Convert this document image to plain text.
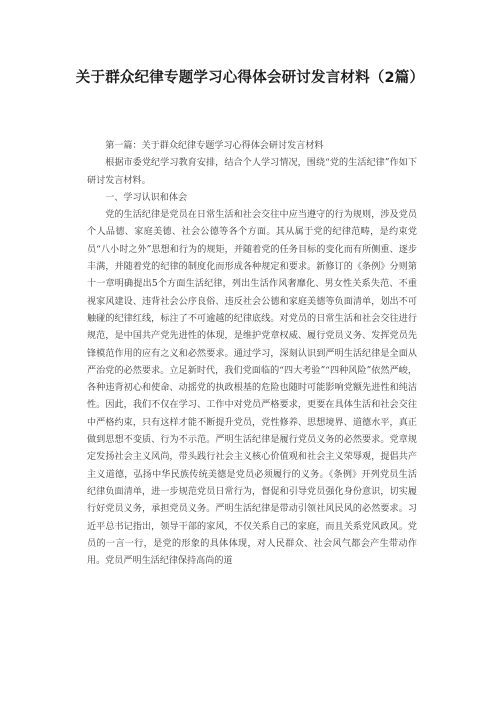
关于群众纪律专题学习心得体会研讨发言材料（2篇）

第一篇：关于群众纪律专题学习心得体会研讨发言材料

根据市委党纪学习教育安排，结合个人学习情况，围绕“党的生活纪律”作如下研讨发言材料。

一、学习认识和体会

党的生活纪律是党员在日常生活和社会交往中应当遵守的行为规则，涉及党员个人品德、家庭美德、社会公德等各个方面。其从属于党的纪律范畴，是约束党员“八小时之外”思想和行为的规矩，并随着党的任务目标的变化而有所侧重、逐步丰满，并随着党的纪律的制度化而形成各种规定和要求。新修订的《条例》分则第十一章明确提出5个方面生活纪律，列出生活作风奢靡化、男女性关系失范、不重视家风建设、违背社会公序良俗、违反社会公德和家庭美德等负面清单，划出不可触碰的纪律红线，标注了不可逾越的纪律底线。对党员的日常生活和社会交往进行规范，是中国共产党先进性的体现，是维护党章权威、履行党员义务、发挥党员先锋模范作用的应有之义和必然要求。通过学习，深刻认识到严明生活纪律是全面从严治党的必然要求。立足新时代，我们党面临的“四大考验”“四种风险”依然严峻，各种违背初心和使命、动摇党的执政根基的危险也随时可能影响党额先进性和纯洁性。因此，我们不仅在学习、工作中对党员严格要求，更要在具体生活和社会交往中严格约束，只有这样才能不断提升党员，党性修养、思想境界、道德水平，真正做到思想不变质、行为不示范。严明生活纪律是履行党员义务的必然要求。党章规定发扬社会主义风尚，带头践行社会主义核心价值观和社会主义荣辱观，提倡共产主义道德，弘扬中华民族传统美德是党员必须履行的义务。《条例》开列党员生活纪律负面清单，进一步规范党员日常行为，督促和引导党员强化身份意识，切实履行好党员义务，承担党员义务。严明生活纪律是带动引领社风民风的必然要求。习近平总书记指出，领导干部的家风，不仅关系自己的家庭，而且关系党风政风。党员的一言一行，是党的形象的具体体现，对人民群众、社会风气都会产生带动作用。党员严明生活纪律保持高尚的道
